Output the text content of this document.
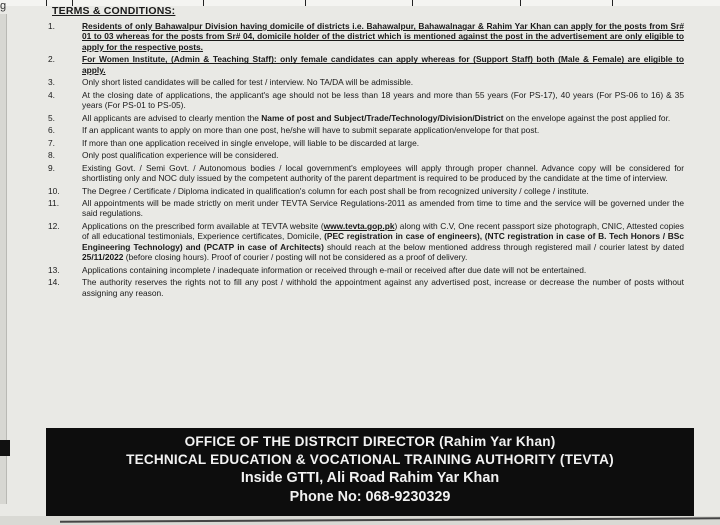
g	TERMS & CONDITIONS:
1.	Residents of only Bahawalpur Division having domicile of districts i.e. Bahawalpur, Bahawalnagar & Rahim Yar Khan can apply for the posts from Sr# 01 to 03 whereas for the posts from Sr# 04, domicile holder of the district which is mentioned against the post in the advertisement are only eligible to apply for the respective posts.
2.	For Women Institute, (Admin & Teaching Staff): only female candidates can apply whereas for (Support Staff) both (Male & Female) are eligible to apply.
3.	Only short listed candidates will be called for test / interview. No TA/DA will be admissible.
4.	At the closing date of applications, the applicant's age should not be less than 18 years and more than 55 years (For PS-17), 40 years (For PS-06 to 16) & 35 years (For PS-01 to PS-05).
5.	All applicants are advised to clearly mention the Name of post and Subject/Trade/Technology/Division/District on the envelope against the post applied for.
6.	If an applicant wants to apply on more than one post, he/she will have to submit separate application/envelope for that post.
7.	If more than one application received in single envelope, will liable to be discarded at large.
8.	Only post qualification experience will be considered.
9.	Existing Govt. / Semi Govt. / Autonomous bodies / local government's employees will apply through proper channel. Advance copy will be considered for shortlisting only and NOC duly issued by the competent authority of the parent department is required to be produced by the candidate at the time of interview.
10.	The Degree / Certificate / Diploma indicated in qualification's column for each post shall be from recognized university / college / institute.
11.	All appointments will be made strictly on merit under TEVTA Service Regulations-2011 as amended from time to time and the service will be governed under the said regulations.
12.	Applications on the prescribed form available at TEVTA website (www.tevta.gop.pk) along with C.V, One recent passport size photograph, CNIC, Attested copies of all educational testimonials, Experience certificates, Domicile, (PEC registration in case of engineers), (NTC registration in case of B. Tech Honors / BSc Engineering Technology) and (PCATP in case of Architects) should reach at the below mentioned address through registered mail / courier latest by dated 25/11/2022 (before closing hours). Proof of courier / posting will not be considered as a proof of delivery.
13.	Applications containing incomplete / inadequate information or received through e-mail or received after due date will not be entertained.
14.	The authority reserves the rights not to fill any post / withhold the appointment against any advertised post, increase or decrease the number of posts without assigning any reason.
OFFICE OF THE DISTRCIT DIRECTOR (Rahim Yar Khan)
TECHNICAL EDUCATION & VOCATIONAL TRAINING AUTHORITY (TEVTA)
Inside GTTI, Ali Road Rahim Yar Khan
Phone No: 068-9230329
